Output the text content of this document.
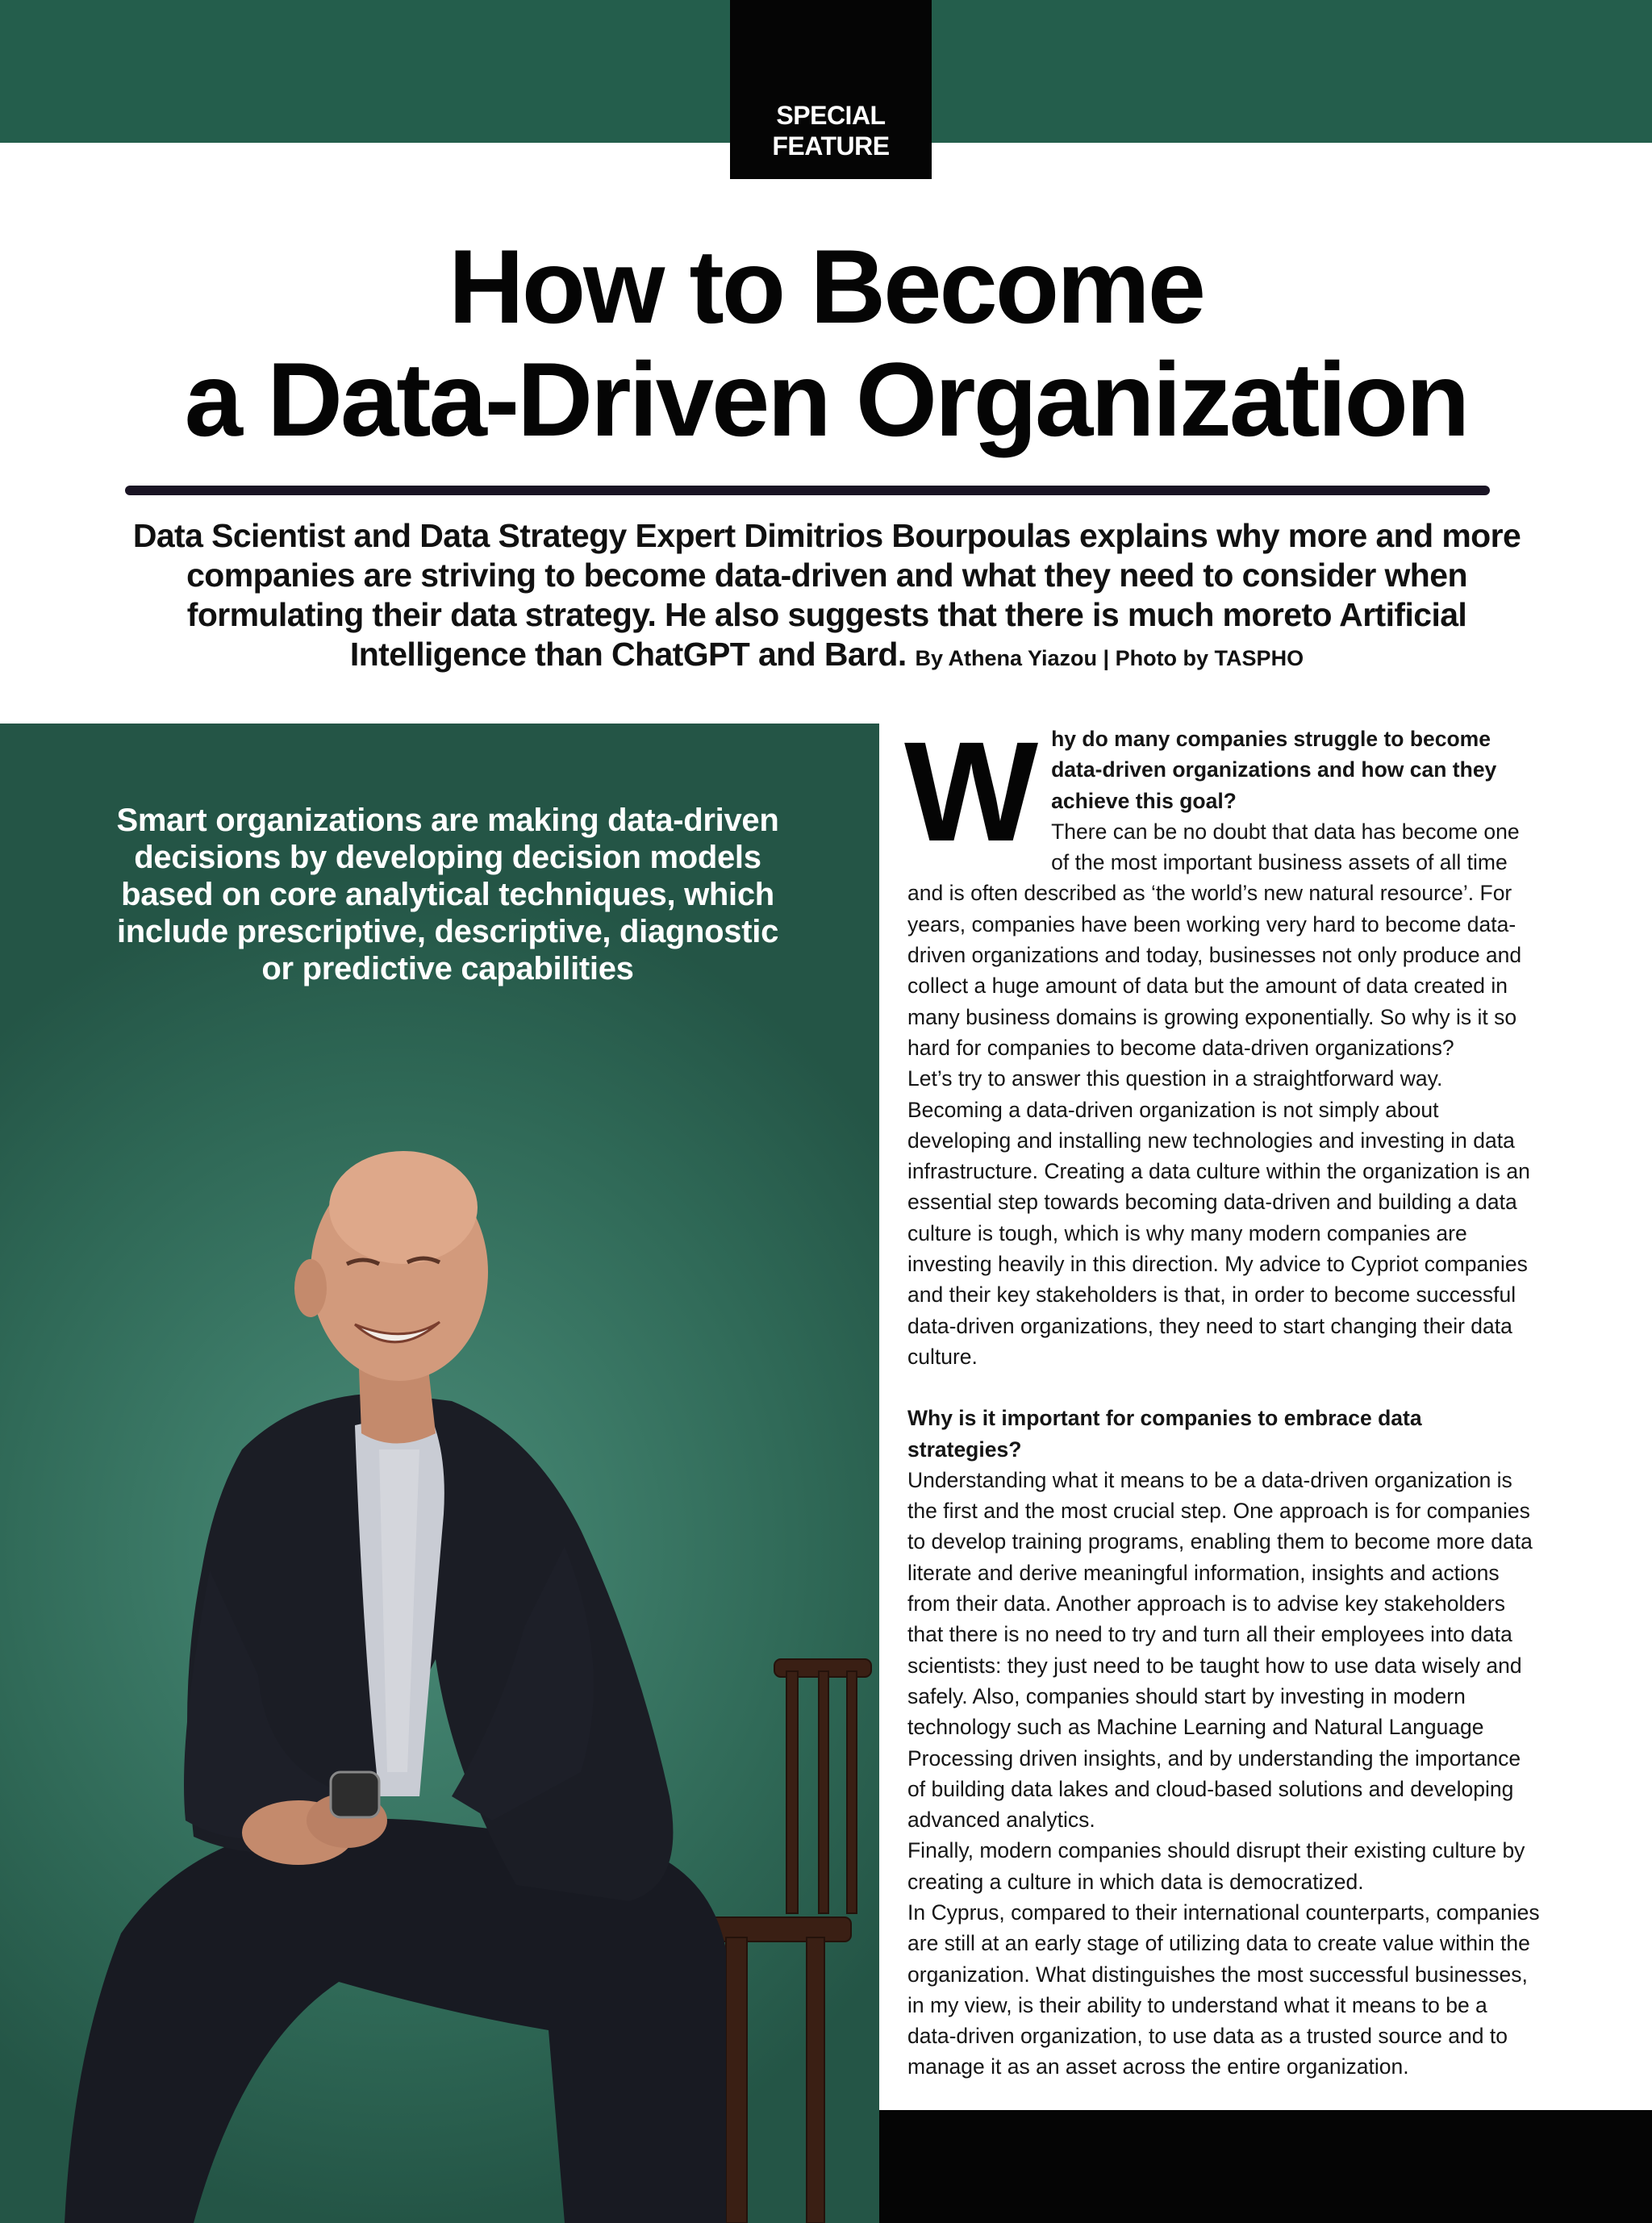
SPECIAL
FEATURE
How to Become
a Data-Driven Organization

Data Scientist and Data Strategy Expert Dimitrios Bourpoulas explains why more and more companies are striving to become data-driven and what they need to consider when formulating their data strategy. He also suggests that there is much moreto Artificial Intelligence than ChatGPT and Bard. By Athena Yiazou | Photo by TASPHO

Smart organizations are making data-driven decisions by developing decision models based on core analytical techniques, which include prescriptive, descriptive, diagnostic or predictive capabilities
W hy do many companies struggle to become data-driven organizations and how can they achieve this goal?

There can be no doubt that data has become one of the most important business assets of all time and is often described as ‘the world’s new natural resource’. For years, companies have been working very hard to become data-driven organizations and today, businesses not only produce and collect a huge amount of data but the amount of data created in many business domains is growing exponentially. So why is it so hard for companies to become data-driven organizations?

Let’s try to answer this question in a straightforward way. Becoming a data-driven organization is not simply about developing and installing new technologies and investing in data infrastructure. Creating a data culture within the organization is an essential step towards becoming data-driven and building a data culture is tough, which is why many modern companies are investing heavily in this direction. My advice to Cypriot companies and their key stakeholders is that, in order to become successful data-driven organizations, they need to start changing their data culture.

Why is it important for companies to embrace data strategies?

Understanding what it means to be a data-driven organization is the first and the most crucial step. One approach is for companies to develop training programs, enabling them to become more data literate and derive meaningful information, insights and actions from their data. Another approach is to advise key stakeholders that there is no need to try and turn all their employees into data scientists: they just need to be taught how to use data wisely and safely. Also, companies should start by investing in modern technology such as Machine Learning and Natural Language Processing driven insights, and by understanding the importance of building data lakes and cloud-based solutions and developing advanced analytics.

Finally, modern companies should disrupt their existing culture by creating a culture in which data is democratized.

In Cyprus, compared to their international counterparts, companies are still at an early stage of utilizing data to create value within the organization. What distinguishes the most successful businesses, in my view, is their ability to understand what it means to be a data-driven organization, to use data as a trusted source and to manage it as an asset across the entire organization.
